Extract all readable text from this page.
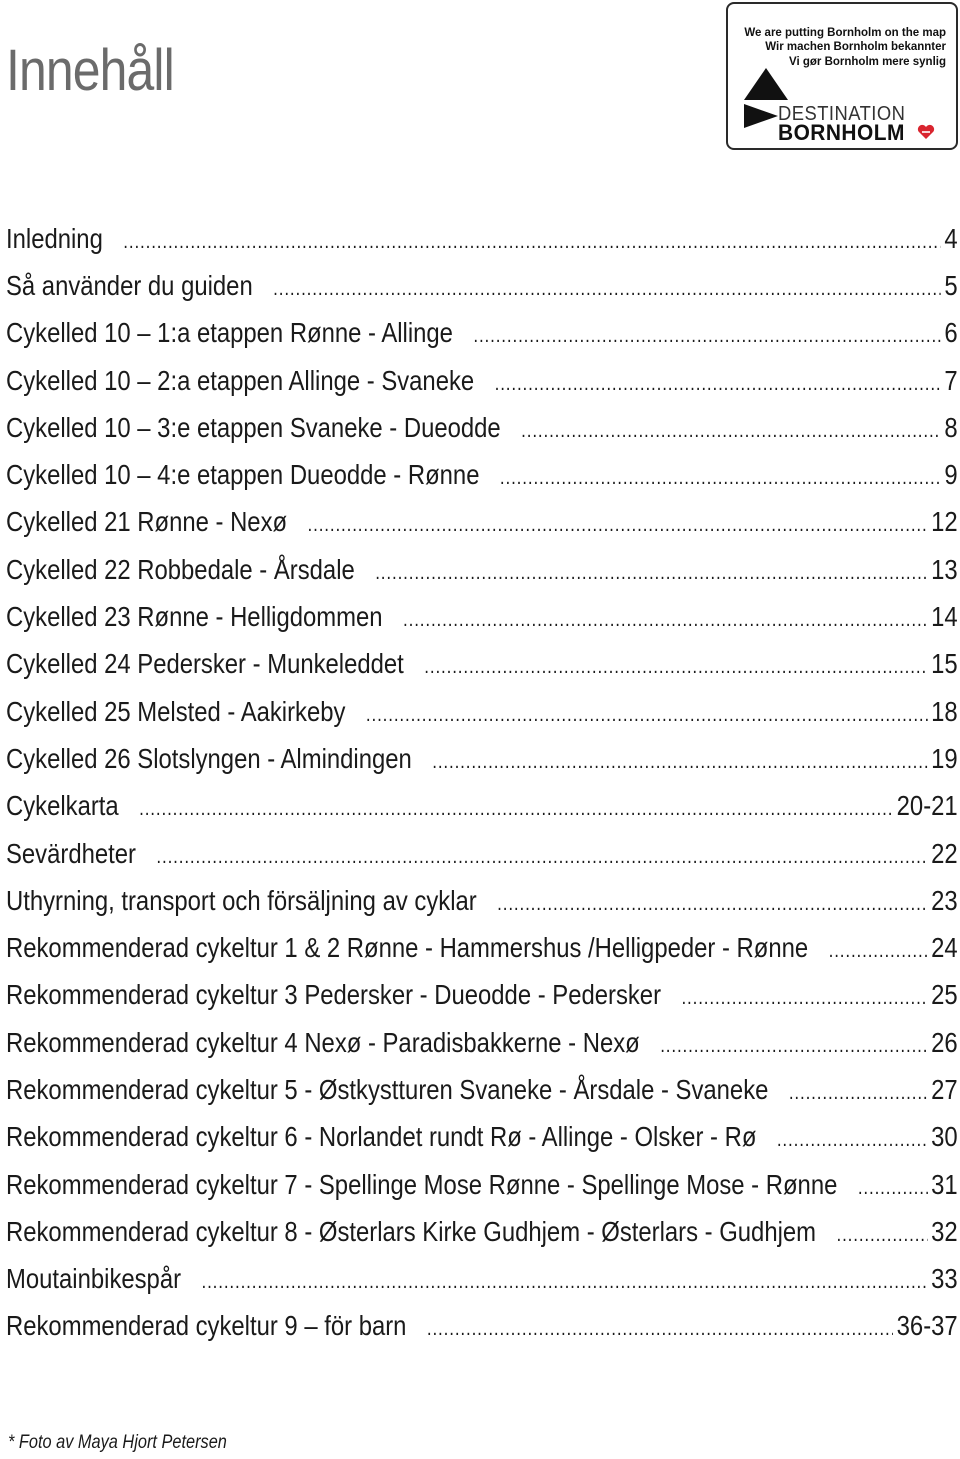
Innehåll
We are putting Bornholm on the map
Wir machen Bornholm bekannter
Vi gør Bornholm mere synlig
DESTINATION
BORNHOLM
Inledning .....	4
Så använder du guiden .....	5
Cykelled 10 – 1:a etappen Rønne - Allinge .....	6
Cykelled 10 – 2:a etappen Allinge - Svaneke .....	7
Cykelled 10 – 3:e etappen Svaneke - Dueodde .....	8
Cykelled 10 – 4:e etappen Dueodde - Rønne .....	9
Cykelled 21 Rønne - Nexø .....	12
Cykelled 22 Robbedale - Årsdale .....	13
Cykelled 23 Rønne - Helligdommen .....	14
Cykelled 24 Pedersker - Munkeleddet .....	15
Cykelled 25 Melsted - Aakirkeby .....	18
Cykelled 26 Slotslyngen - Almindingen .....	19
Cykelkarta .....	20-21
Sevärdheter .....	22
Uthyrning, transport och försäljning av cyklar .....	23
Rekommenderad cykeltur 1 & 2 Rønne - Hammershus /Helligpeder - Rønne .....	24
Rekommenderad cykeltur 3 Pedersker - Dueodde - Pedersker .....	25
Rekommenderad cykeltur 4 Nexø - Paradisbakkerne - Nexø .....	26
Rekommenderad cykeltur 5 - Østkystturen Svaneke - Årsdale - Svaneke .....	27
Rekommenderad cykeltur 6 - Norlandet rundt Rø - Allinge - Olsker - Rø .....	30
Rekommenderad cykeltur 7 - Spellinge Mose Rønne - Spellinge Mose - Rønne .....	31
Rekommenderad cykeltur 8 - Østerlars Kirke Gudhjem - Østerlars - Gudhjem .....	32
Moutainbikespår .....	33
Rekommenderad cykeltur 9 – för barn .....	36-37
* Foto av Maya Hjort Petersen
